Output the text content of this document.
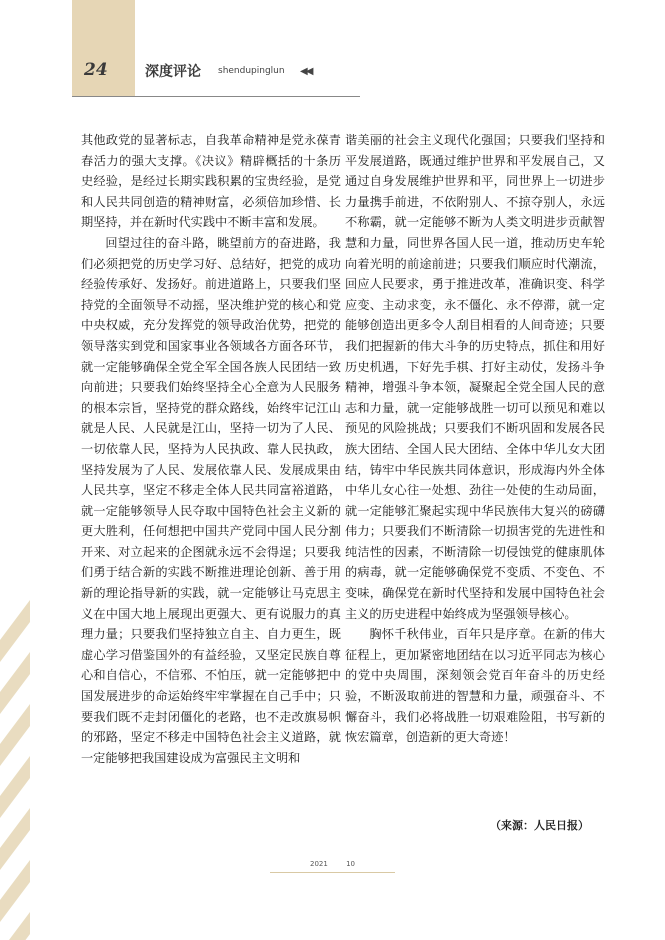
24	深度评论 shendupinglun ◀◀

其他政党的显著标志，自我革命精神是党永葆青春活力的强大支撑。《决议》精辟概括的十条历史经验，是经过长期实践积累的宝贵经验，是党和人民共同创造的精神财富，必须倍加珍惜、长期坚持，并在新时代实践中不断丰富和发展。

回望过往的奋斗路，眺望前方的奋进路，我们必须把党的历史学习好、总结好，把党的成功经验传承好、发扬好。前进道路上，只要我们坚持党的全面领导不动摇，坚决维护党的核心和党中央权威，充分发挥党的领导政治优势，把党的领导落实到党和国家事业各领域各方面各环节，就一定能够确保全党全军全国各族人民团结一致向前进；只要我们始终坚持全心全意为人民服务的根本宗旨，坚持党的群众路线，始终牢记江山就是人民、人民就是江山，坚持一切为了人民、一切依靠人民，坚持为人民执政、靠人民执政，坚持发展为了人民、发展依靠人民、发展成果由人民共享，坚定不移走全体人民共同富裕道路，就一定能够领导人民夺取中国特色社会主义新的更大胜利，任何想把中国共产党同中国人民分割开来、对立起来的企图就永远不会得逞；只要我们勇于结合新的实践不断推进理论创新、善于用新的理论指导新的实践，就一定能够让马克思主义在中国大地上展现出更强大、更有说服力的真理力量；只要我们坚持独立自主、自力更生，既虚心学习借鉴国外的有益经验，又坚定民族自尊心和自信心，不信邪、不怕压，就一定能够把中国发展进步的命运始终牢牢掌握在自己手中；只要我们既不走封闭僵化的老路，也不走改旗易帜的邪路，坚定不移走中国特色社会主义道路，就一定能够把我国建设成为富强民主文明和

谐美丽的社会主义现代化强国；只要我们坚持和平发展道路，既通过维护世界和平发展自己，又通过自身发展维护世界和平，同世界上一切进步力量携手前进，不依附别人、不掠夺别人，永远不称霸，就一定能够不断为人类文明进步贡献智慧和力量，同世界各国人民一道，推动历史车轮向着光明的前途前进；只要我们顺应时代潮流，回应人民要求，勇于推进改革，准确识变、科学应变、主动求变，永不僵化、永不停滞，就一定能够创造出更多令人刮目相看的人间奇迹；只要我们把握新的伟大斗争的历史特点，抓住和用好历史机遇，下好先手棋、打好主动仗，发扬斗争精神，增强斗争本领，凝聚起全党全国人民的意志和力量，就一定能够战胜一切可以预见和难以预见的风险挑战；只要我们不断巩固和发展各民族大团结、全国人民大团结、全体中华儿女大团结，铸牢中华民族共同体意识，形成海内外全体中华儿女心往一处想、劲往一处使的生动局面，就一定能够汇聚起实现中华民族伟大复兴的磅礴伟力；只要我们不断清除一切损害党的先进性和纯洁性的因素，不断清除一切侵蚀党的健康肌体的病毒，就一定能够确保党不变质、不变色、不变味，确保党在新时代坚持和发展中国特色社会主义的历史进程中始终成为坚强领导核心。

胸怀千秋伟业，百年只是序章。在新的伟大征程上，更加紧密地团结在以习近平同志为核心的党中央周围，深刻领会党百年奋斗的历史经验，不断汲取前进的智慧和力量，顽强奋斗、不懈奋斗，我们必将战胜一切艰难险阻，书写新的恢宏篇章，创造新的更大奇迹！

（来源：人民日报）
2021	10
